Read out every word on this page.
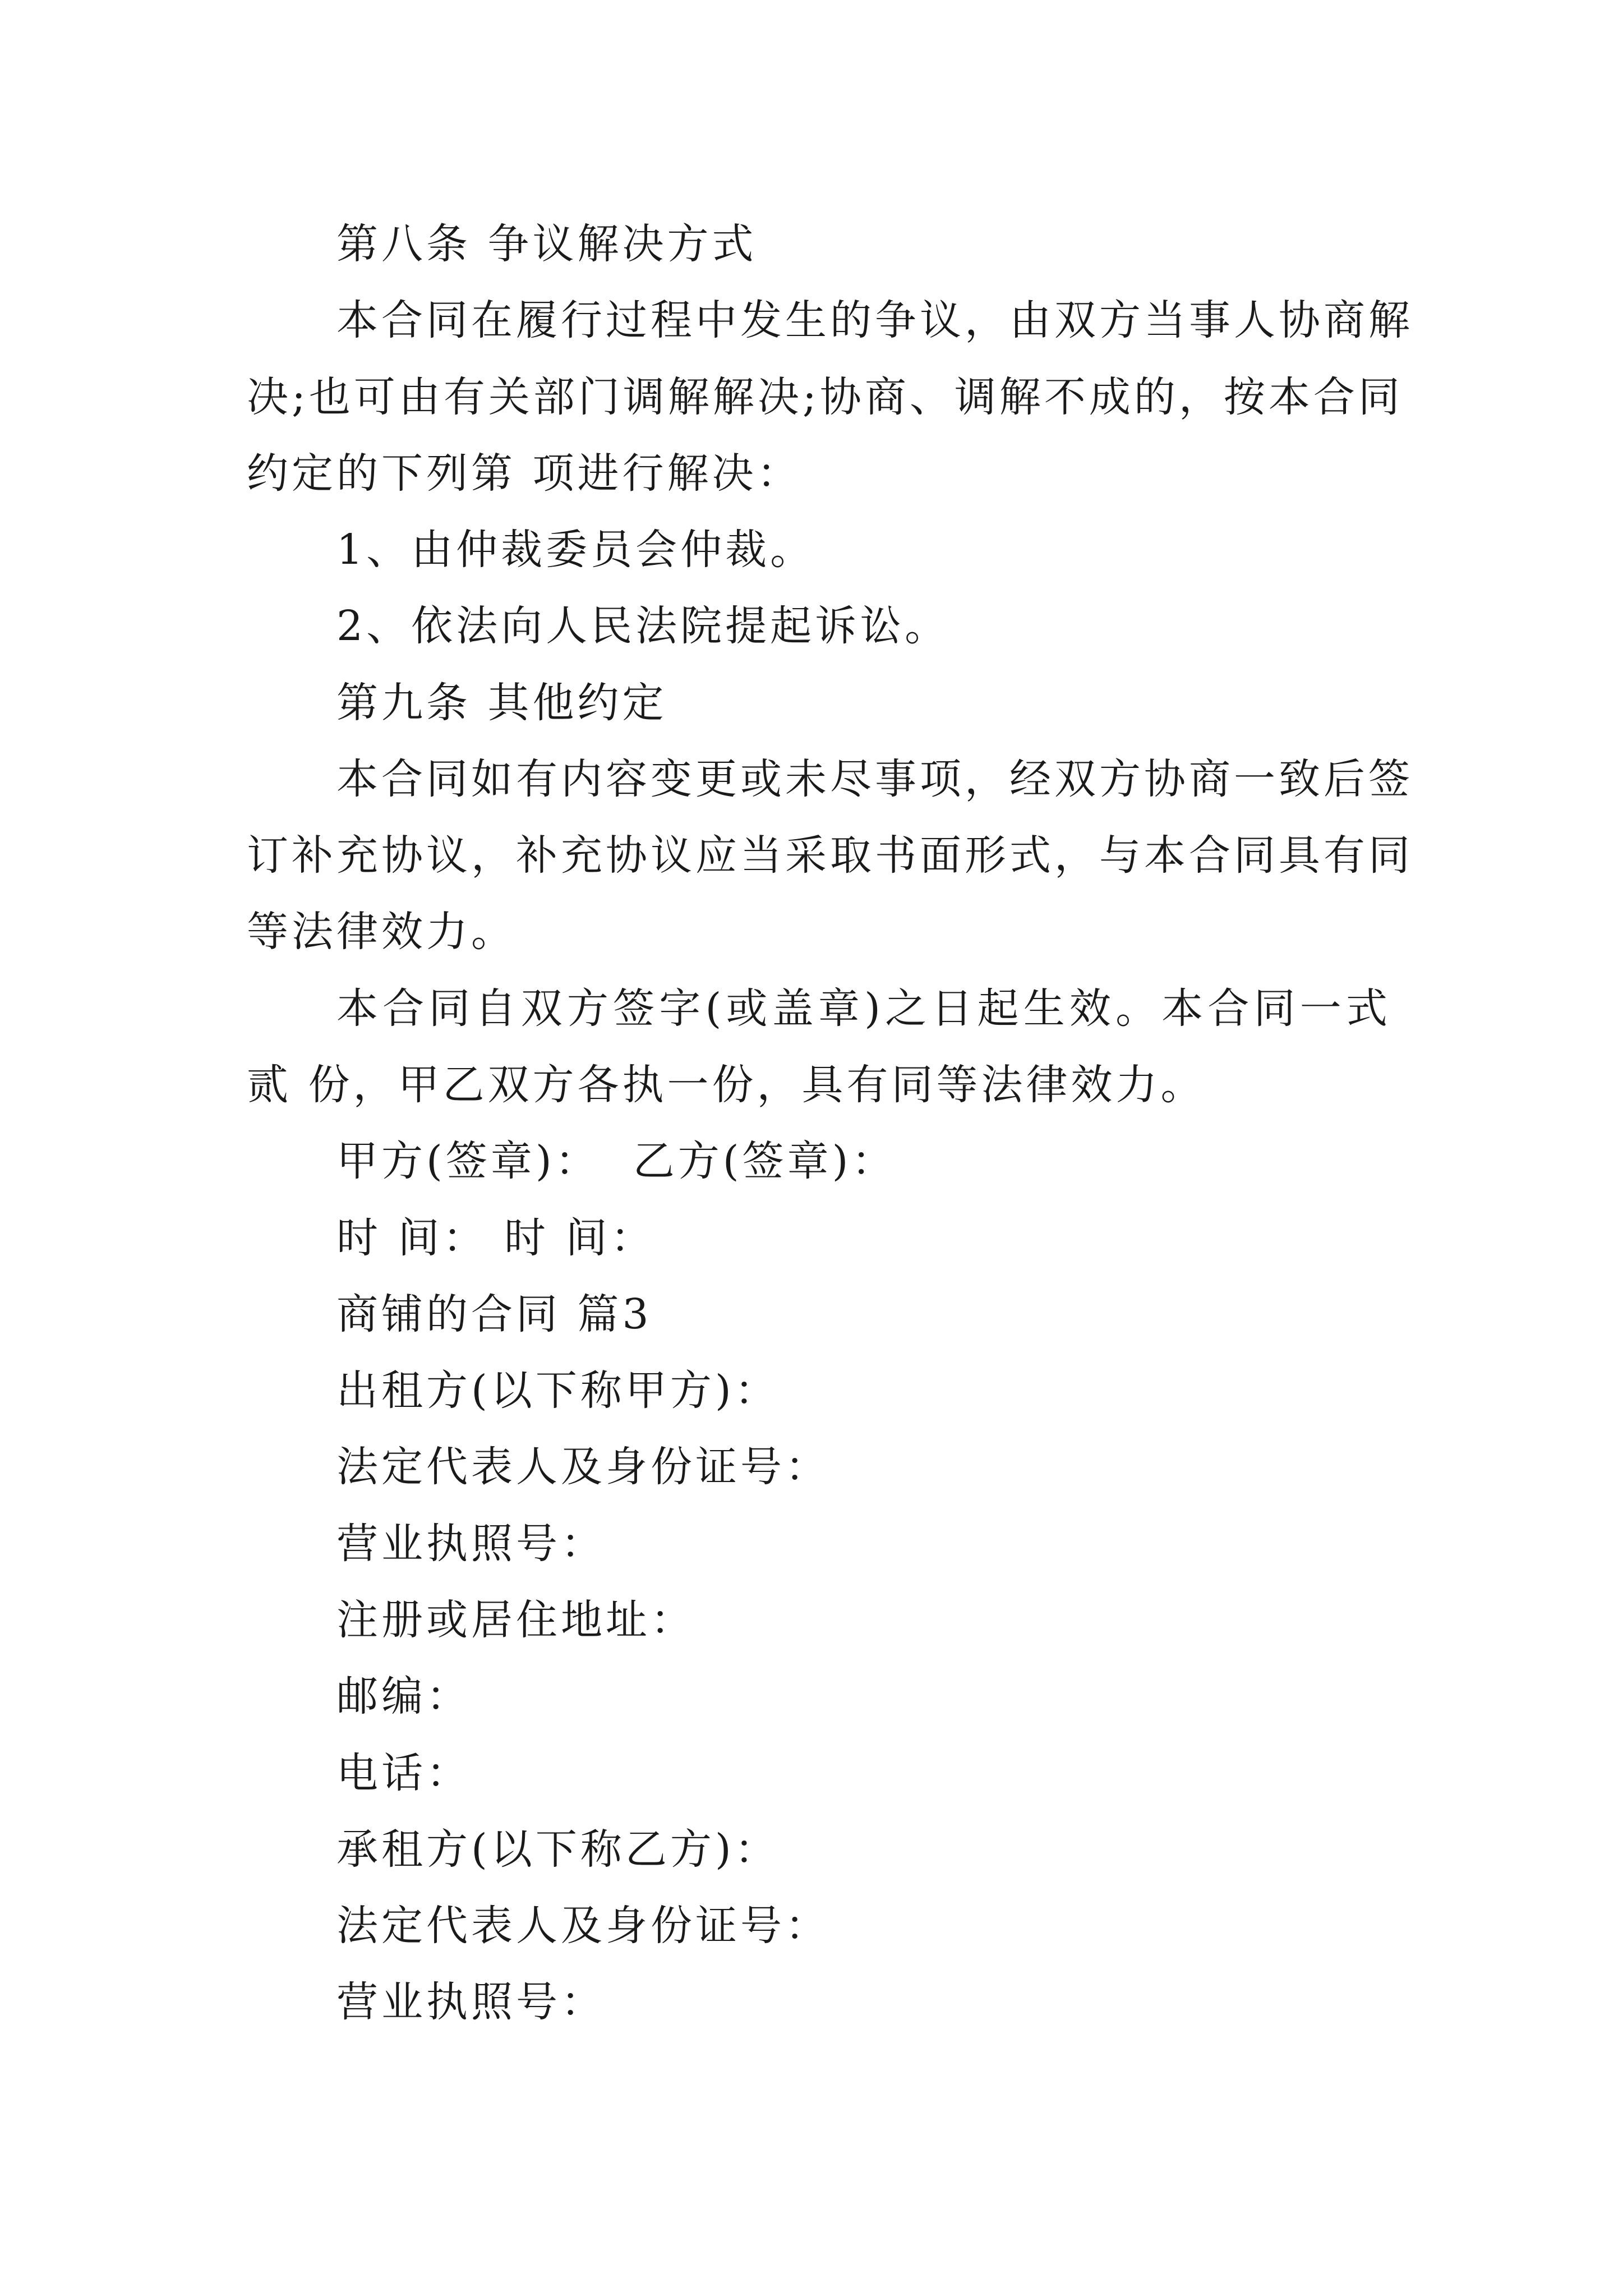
第八条 争议解决方式
本合同在履行过程中发生的争议，由双方当事人协商解
决;也可由有关部门调解解决;协商、调解不成的，按本合同
约定的下列第 项进行解决：
1、由仲裁委员会仲裁。
2、依法向人民法院提起诉讼。
第九条 其他约定
本合同如有内容变更或未尽事项，经双方协商一致后签
订补充协议，补充协议应当采取书面形式，与本合同具有同
等法律效力。
本合同自双方签字(或盖章)之日起生效。本合同一式
贰 份，甲乙双方各执一份，具有同等法律效力。
甲方(签章)：  乙方(签章)：
时 间： 时 间：
商铺的合同 篇3
出租方(以下称甲方)：
法定代表人及身份证号：
营业执照号：
注册或居住地址：
邮编：
电话：
承租方(以下称乙方)：
法定代表人及身份证号：
营业执照号：
